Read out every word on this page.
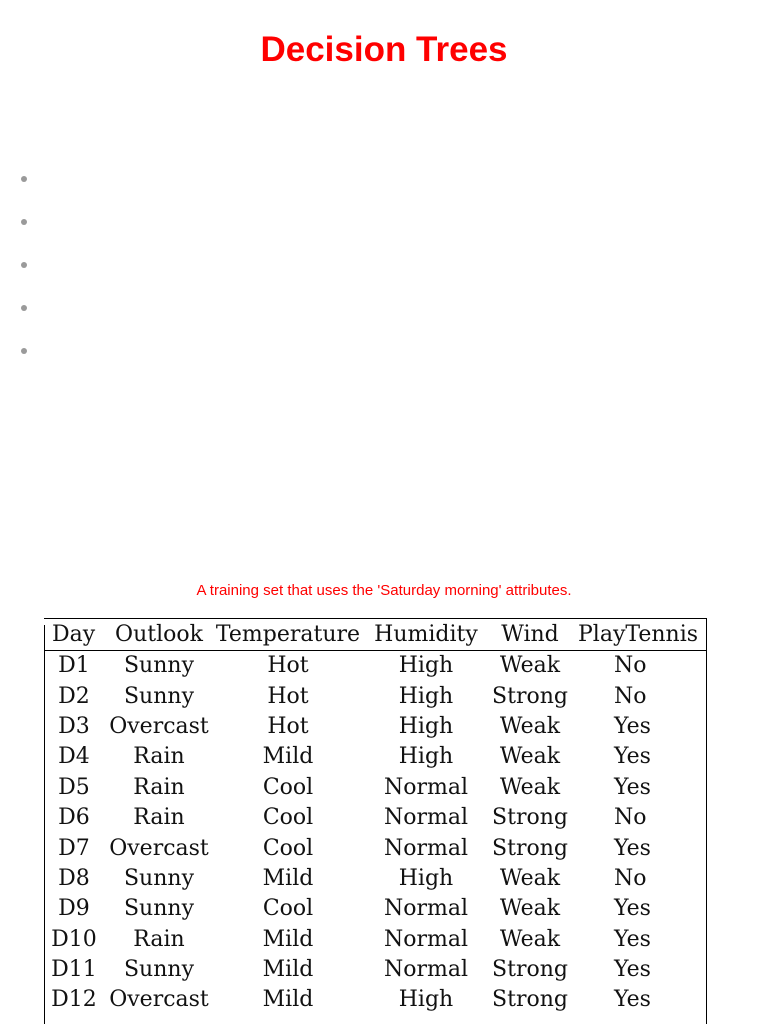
Decision Trees
A training set that uses the 'Saturday morning' attributes.
Day	Outlook	Temperature	Humidity	Wind	PlayTennis
D1	Sunny	Hot	High	Weak	No
D2	Sunny	Hot	High	Strong	No
D3	Overcast	Hot	High	Weak	Yes
D4	Rain	Mild	High	Weak	Yes
D5	Rain	Cool	Normal	Weak	Yes
D6	Rain	Cool	Normal	Strong	No
D7	Overcast	Cool	Normal	Strong	Yes
D8	Sunny	Mild	High	Weak	No
D9	Sunny	Cool	Normal	Weak	Yes
D10	Rain	Mild	Normal	Weak	Yes
D11	Sunny	Mild	Normal	Strong	Yes
D12	Overcast	Mild	High	Strong	Yes
